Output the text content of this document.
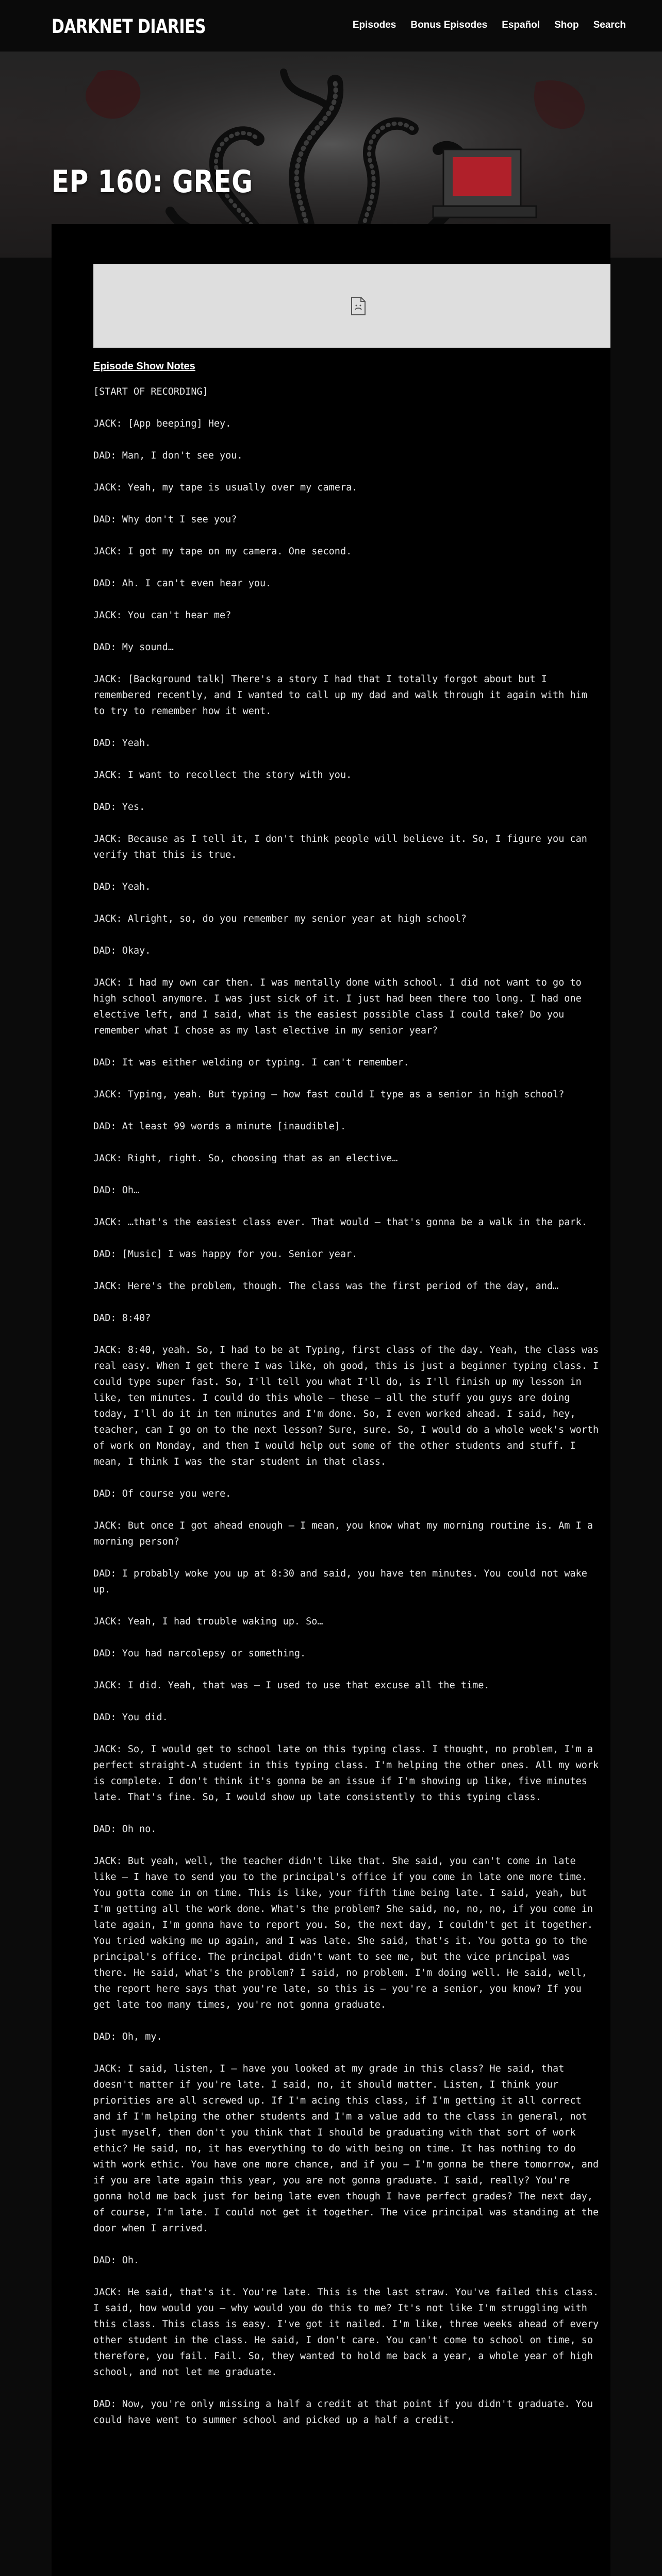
DARKNET DIARIES	Episodes Bonus Episodes Español Shop Search
EP 160: GREG
Episode Show Notes

[START OF RECORDING]

JACK: [App beeping] Hey.

DAD: Man, I don't see you.

JACK: Yeah, my tape is usually over my camera.

DAD: Why don't I see you?

JACK: I got my tape on my camera. One second.

DAD: Ah. I can't even hear you.

JACK: You can't hear me?

DAD: My sound…

JACK: [Background talk] There's a story I had that I totally forgot about but I remembered recently, and I wanted to call up my dad and walk through it again with him to try to remember how it went.

DAD: Yeah.

JACK: I want to recollect the story with you.

DAD: Yes.

JACK: Because as I tell it, I don't think people will believe it. So, I figure you can verify that this is true.

DAD: Yeah.

JACK: Alright, so, do you remember my senior year at high school?

DAD: Okay.

JACK: I had my own car then. I was mentally done with school. I did not want to go to high school anymore. I was just sick of it. I just had been there too long. I had one elective left, and I said, what is the easiest possible class I could take? Do you remember what I chose as my last elective in my senior year?

DAD: It was either welding or typing. I can't remember.

JACK: Typing, yeah. But typing – how fast could I type as a senior in high school?

DAD: At least 99 words a minute [inaudible].

JACK: Right, right. So, choosing that as an elective…

DAD: Oh…

JACK: …that's the easiest class ever. That would – that's gonna be a walk in the park.

DAD: [Music] I was happy for you. Senior year.

JACK: Here's the problem, though. The class was the first period of the day, and…

DAD: 8:40?

JACK: 8:40, yeah. So, I had to be at Typing, first class of the day. Yeah, the class was real easy. When I get there I was like, oh good, this is just a beginner typing class. I could type super fast. So, I'll tell you what I'll do, is I'll finish up my lesson in like, ten minutes. I could do this whole – these – all the stuff you guys are doing today, I'll do it in ten minutes and I'm done. So, I even worked ahead. I said, hey, teacher, can I go on to the next lesson? Sure, sure. So, I would do a whole week's worth of work on Monday, and then I would help out some of the other students and stuff. I mean, I think I was the star student in that class.

DAD: Of course you were.

JACK: But once I got ahead enough – I mean, you know what my morning routine is. Am I a morning person?

DAD: I probably woke you up at 8:30 and said, you have ten minutes. You could not wake up.

JACK: Yeah, I had trouble waking up. So…

DAD: You had narcolepsy or something.

JACK: I did. Yeah, that was – I used to use that excuse all the time.

DAD: You did.

JACK: So, I would get to school late on this typing class. I thought, no problem, I'm a perfect straight-A student in this typing class. I'm helping the other ones. All my work is complete. I don't think it's gonna be an issue if I'm showing up like, five minutes late. That's fine. So, I would show up late consistently to this typing class.

DAD: Oh no.

JACK: But yeah, well, the teacher didn't like that. She said, you can't come in late like – I have to send you to the principal's office if you come in late one more time. You gotta come in on time. This is like, your fifth time being late. I said, yeah, but I'm getting all the work done. What's the problem? She said, no, no, no, if you come in late again, I'm gonna have to report you. So, the next day, I couldn't get it together. You tried waking me up again, and I was late. She said, that's it. You gotta go to the principal's office. The principal didn't want to see me, but the vice principal was there. He said, what's the problem? I said, no problem. I'm doing well. He said, well, the report here says that you're late, so this is – you're a senior, you know? If you get late too many times, you're not gonna graduate.

DAD: Oh, my.

JACK: I said, listen, I – have you looked at my grade in this class? He said, that doesn't matter if you're late. I said, no, it should matter. Listen, I think your priorities are all screwed up. If I'm acing this class, if I'm getting it all correct and if I'm helping the other students and I'm a value add to the class in general, not just myself, then don't you think that I should be graduating with that sort of work ethic? He said, no, it has everything to do with being on time. It has nothing to do with work ethic. You have one more chance, and if you – I'm gonna be there tomorrow, and if you are late again this year, you are not gonna graduate. I said, really? You're gonna hold me back just for being late even though I have perfect grades? The next day, of course, I'm late. I could not get it together. The vice principal was standing at the door when I arrived.

DAD: Oh.

JACK: He said, that's it. You're late. This is the last straw. You've failed this class. I said, how would you – why would you do this to me? It's not like I'm struggling with this class. This class is easy. I've got it nailed. I'm like, three weeks ahead of every other student in the class. He said, I don't care. You can't come to school on time, so therefore, you fail. Fail. So, they wanted to hold me back a year, a whole year of high school, and not let me graduate.

DAD: Now, you're only missing a half a credit at that point if you didn't graduate. You could have went to summer school and picked up a half a credit.
